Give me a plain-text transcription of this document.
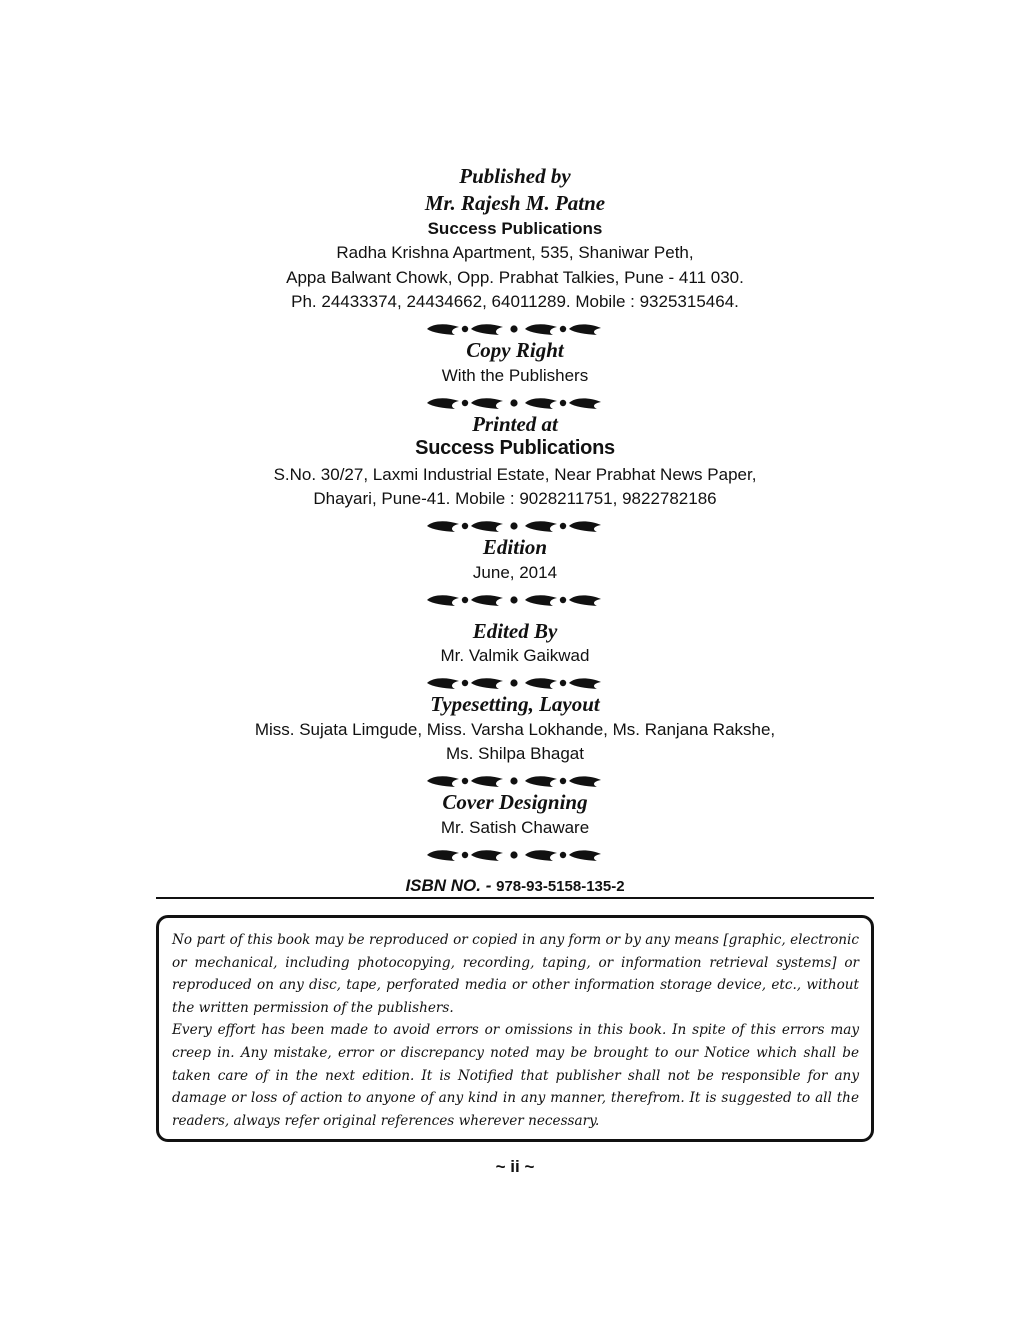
Published by
Mr. Rajesh M. Patne
Success Publications
Radha Krishna Apartment, 535, Shaniwar Peth,
Appa Balwant Chowk, Opp. Prabhat Talkies, Pune - 411 030.
Ph. 24433374, 24434662, 64011289. Mobile : 9325315464.
Copy Right
With the Publishers
Printed at
Success Publications
S.No. 30/27, Laxmi Industrial Estate, Near Prabhat News Paper,
Dhayari, Pune-41. Mobile : 9028211751, 9822782186
Edition
June, 2014
Edited By
Mr. Valmik Gaikwad
Typesetting, Layout
Miss. Sujata Limgude, Miss. Varsha Lokhande, Ms. Ranjana Rakshe,
Ms. Shilpa Bhagat
Cover Designing
Mr. Satish Chaware
ISBN NO. - 978-93-5158-135-2

No part of this book may be reproduced or copied in any form or by any means [graphic, electronic or mechanical, including photocopying, recording, taping, or information retrieval systems] or reproduced on any disc, tape, perforated media or other information storage device, etc., without the written permission of the publishers.

Every effort has been made to avoid errors or omissions in this book. In spite of this errors may creep in. Any mistake, error or discrepancy noted may be brought to our Notice which shall be taken care of in the next edition. It is Notified that publisher shall not be responsible for any damage or loss of action to anyone of any kind in any manner, therefrom. It is suggested to all the readers, always refer original references wherever necessary.

~ ii ~
